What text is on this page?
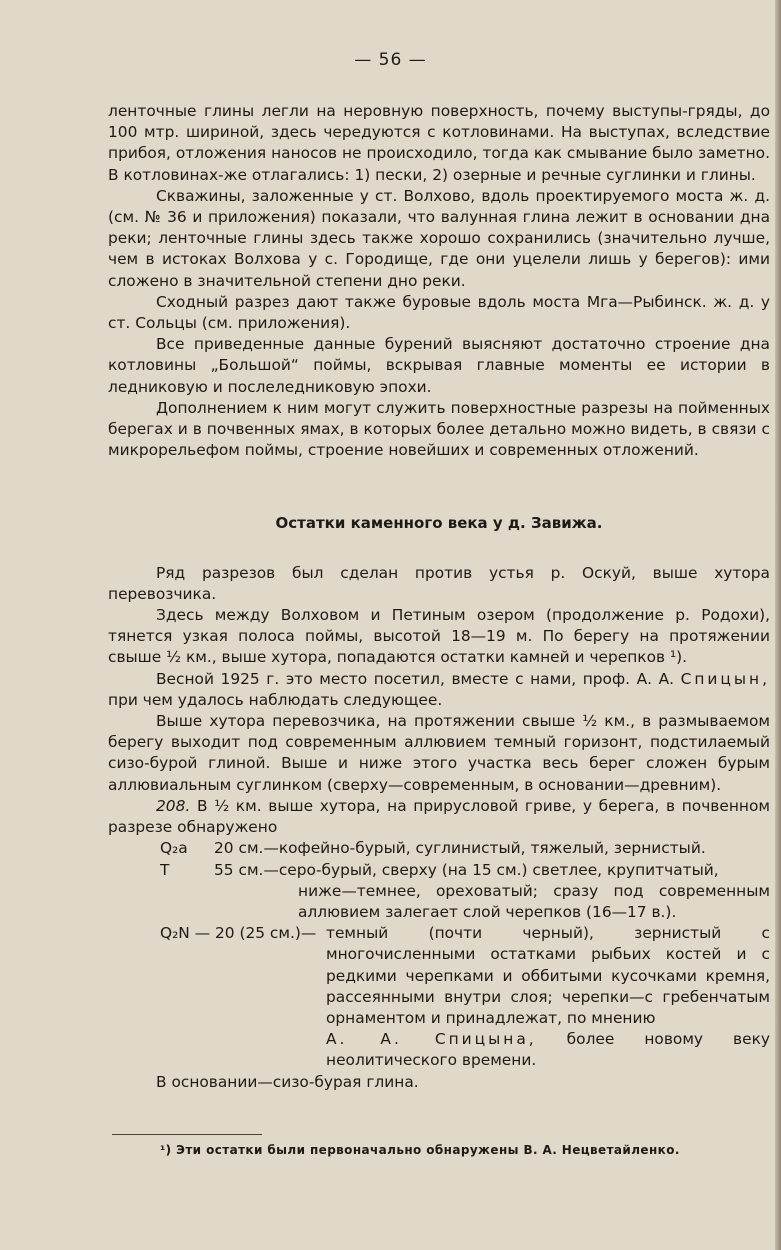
— 56 —

ленточные глины легли на неровную поверхность, почему выступы-гряды, до 100 мтр. шириной, здесь чередуются с котловинами. На выступах, вследствие прибоя, отложения наносов не происходило, тогда как смывание было заметно. В котловинах-же отлагались: 1) пески, 2) озерные и речные суглинки и глины.

Скважины, заложенные у ст. Волхово, вдоль проектируемого моста ж. д. (см. № 36 и приложения) показали, что валунная глина лежит в основании дна реки; ленточные глины здесь также хорошо сохранились (значительно лучше, чем в истоках Волхова у с. Городище, где они уцелели лишь у берегов): ими сложено в значительной степени дно реки.

Сходный разрез дают также буровые вдоль моста Мга—Рыбинск. ж. д. у ст. Сольцы (см. приложения).

Все приведенные данные бурений выясняют достаточно строение дна котловины „Большой“ поймы, вскрывая главные моменты ее истории в ледниковую и послеледниковую эпохи.

Дополнением к ним могут служить поверхностные разрезы на пойменных берегах и в почвенных ямах, в которых более детально можно видеть, в связи с микрорельефом поймы, строение новейших и современных отложений.

Остатки каменного века у д. Завижа.

Ряд разрезов был сделан против устья р. Оскуй, выше хутора перевозчика.

Здесь между Волховом и Петиным озером (продолжение р. Родохи), тянется узкая полоса поймы, высотой 18—19 м. По берегу на протяжении свыше ½ км., выше хутора, попадаются остатки камней и черепков ¹).

Весной 1925 г. это место посетил, вместе с нами, проф. А. А. Спицын, при чем удалось наблюдать следующее.

Выше хутора перевозчика, на протяжении свыше ½ км., в размываемом берегу выходит под современным аллювием темный горизонт, подстилаемый сизо-бурой глиной. Выше и ниже этого участка весь берег сложен бурым аллювиальным суглинком (сверху—современным, в основании—древним).

208. В ½ км. выше хутора, на прирусловой гриве, у берега, в почвенном разрезе обнаружено

Q₂a	20 см.—кофейно-бурый, суглинистый, тяжелый, зернистый.
T	55 см.—серо-бурый, сверху (на 15 см.) светлее, крупитчатый,
ниже—темнее, ореховатый; сразу под современным аллювием залегает слой черепков (16—17 в.).
Q₂N — 20 (25 см.)— темный (почти черный), зернистый с многочисленными остатками рыбьих костей и с редкими черепками и оббитыми кусочками кремня, рассеянными внутри слоя; черепки—с гребенчатым орнаментом и принадлежат, по мнению
А. А. Спицына, более новому веку неолитического времени.

В основании—сизо-бурая глина.

¹) Эти остатки были первоначально обнаружены В. А. Нецветайленко.
